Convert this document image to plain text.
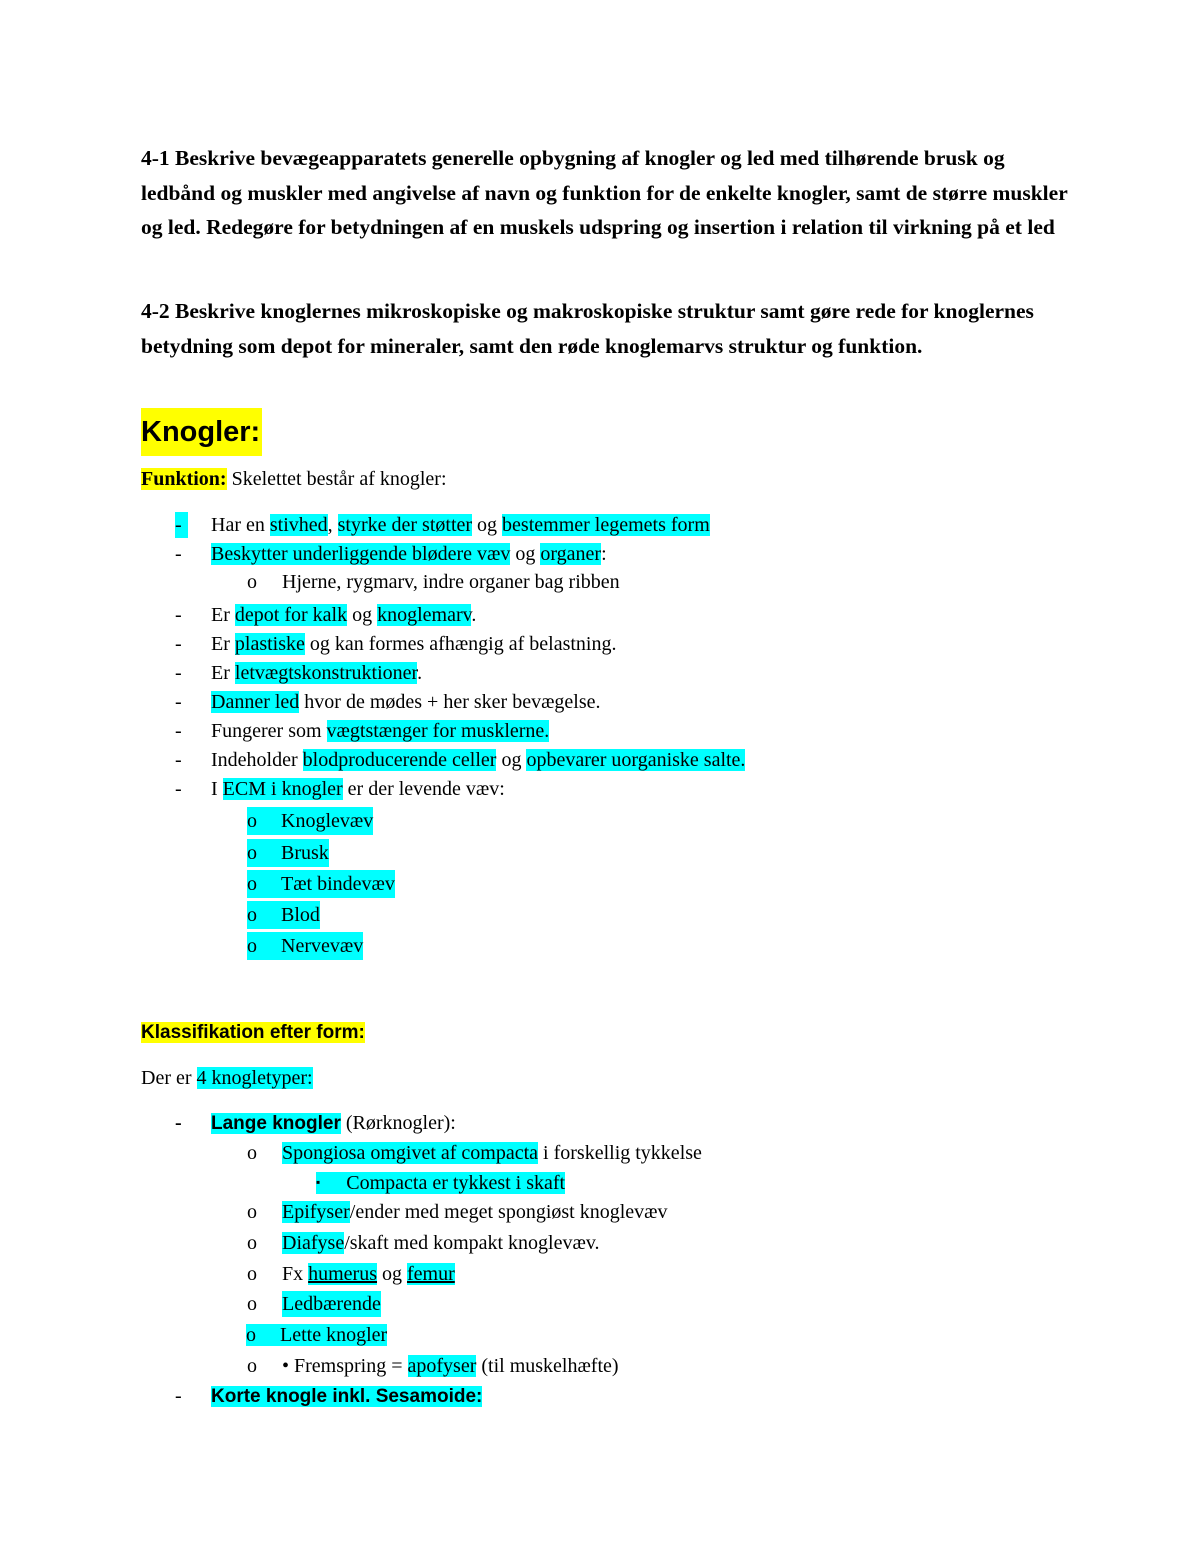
4-1 Beskrive bevægeapparatets generelle opbygning af knogler og led med tilhørende brusk og ledbånd og muskler med angivelse af navn og funktion for de enkelte knogler, samt de større muskler og led. Redegøre for betydningen af en muskels udspring og insertion i relation til virkning på et led

4-2 Beskrive knoglernes mikroskopiske og makroskopiske struktur samt gøre rede for knoglernes betydning som depot for mineraler, samt den røde knoglemarvs struktur og funktion.

Knogler:
Funktion: Skelettet består af knogler:
-	Har en stivhed, styrke der støtter og bestemmer legemets form
- Beskytter underliggende blødere væv og organer:
o Hjerne, rygmarv, indre organer bag ribben
- Er depot for kalk og knoglemarv.
- Er plastiske og kan formes afhængig af belastning.
- Er letvægtskonstruktioner.
- Danner led hvor de mødes + her sker bevægelse.
- Fungerer som vægtstænger for musklerne.
- Indeholder blodproducerende celler og opbevarer uorganiske salte.
- I ECM i knogler er der levende væv:
o Knoglevæv
o Brusk
o Tæt bindevæv
o Blod
o Nervevæv
Klassifikation efter form:
Der er 4 knogletyper:
- Lange knogler (Rørknogler):
o Spongiosa omgivet af compacta i forskellig tykkelse
▪ Compacta er tykkest i skaft
o Epifyser/ender med meget spongiøst knoglevæv
o Diafyse/skaft med kompakt knoglevæv.
o Fx humerus og femur
o Ledbærende
o Lette knogler
o • Fremspring = apofyser (til muskelhæfte)
- Korte knogle inkl. Sesamoide:
